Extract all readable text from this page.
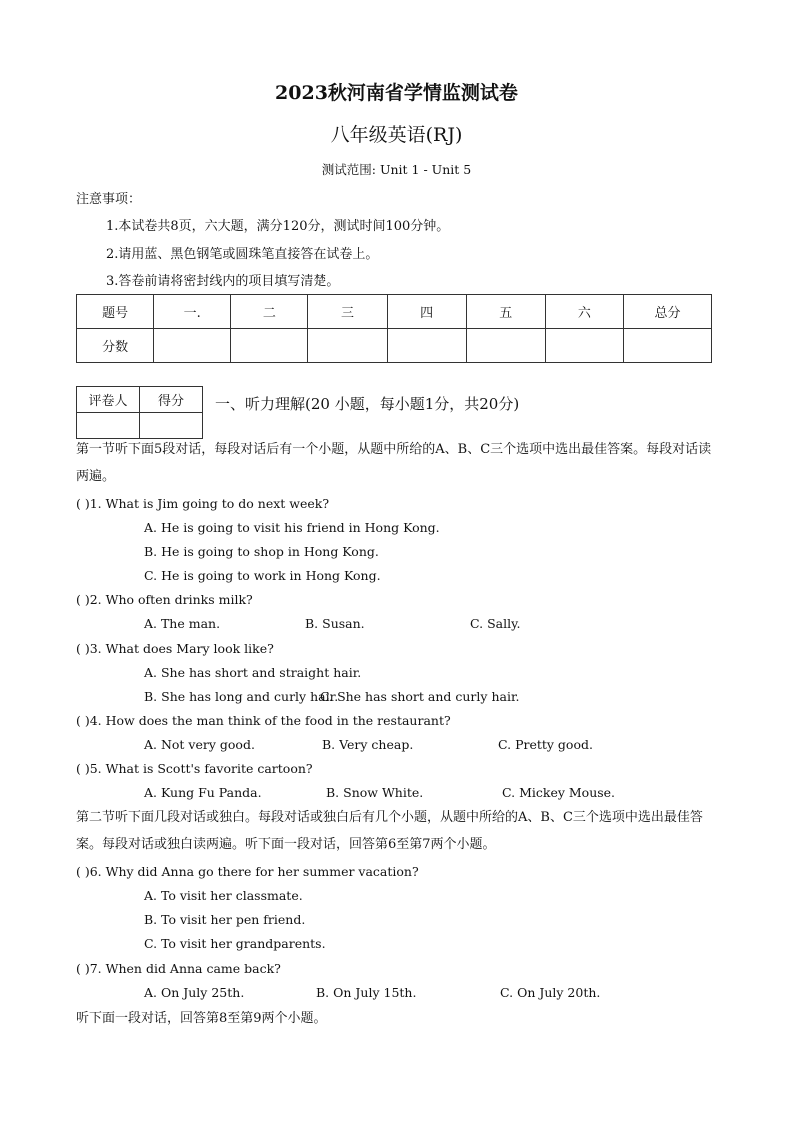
2023秋河南省学情监测试卷
八年级英语(RJ)
测试范围: Unit 1 - Unit 5
注意事项：
1.本试卷共8页，六大题，满分120分，测试时间100分钟。
2.请用蓝、黑色钢笔或圆珠笔直接答在试卷上。
3.答卷前请将密封线内的项目填写清楚。
题号	一.	二	三	四	五	六	总分
分数							
评卷人	得分
	一、听力理解(20 小题，每小题1分，共20分)
第一节听下面5段对话，每段对话后有一个小题，从题中所给的A、B、C三个选项中选出最佳答案。每段对话读两遍。
( )1. What is Jim going to do next week?
A. He is going to visit his friend in Hong Kong.
B. He is going to shop in Hong Kong.
C. He is going to work in Hong Kong.
( )2. Who often drinks milk?
A. The man.	B. Susan.	C. Sally.
( )3. What does Mary look like?
A. She has short and straight hair.
B. She has long and curly hair.
C. She has short and curly hair.
( )4. How does the man think of the food in the restaurant?
A. Not very good.	B. Very cheap.	C. Pretty good.
( )5. What is Scott's favorite cartoon?
A. Kung Fu Panda.	B. Snow White.	C. Mickey Mouse.
第二节听下面几段对话或独白。每段对话或独白后有几个小题，从题中所给的A、B、C三个选项中选出最佳答案。每段对话或独白读两遍。听下面一段对话，回答第6至第7两个小题。
( )6. Why did Anna go there for her summer vacation?
A. To visit her classmate.
B. To visit her pen friend.
C. To visit her grandparents.
( )7. When did Anna came back?
A. On July 25th.	B. On July 15th.	C. On July 20th.
听下面一段对话，回答第8至第9两个小题。
